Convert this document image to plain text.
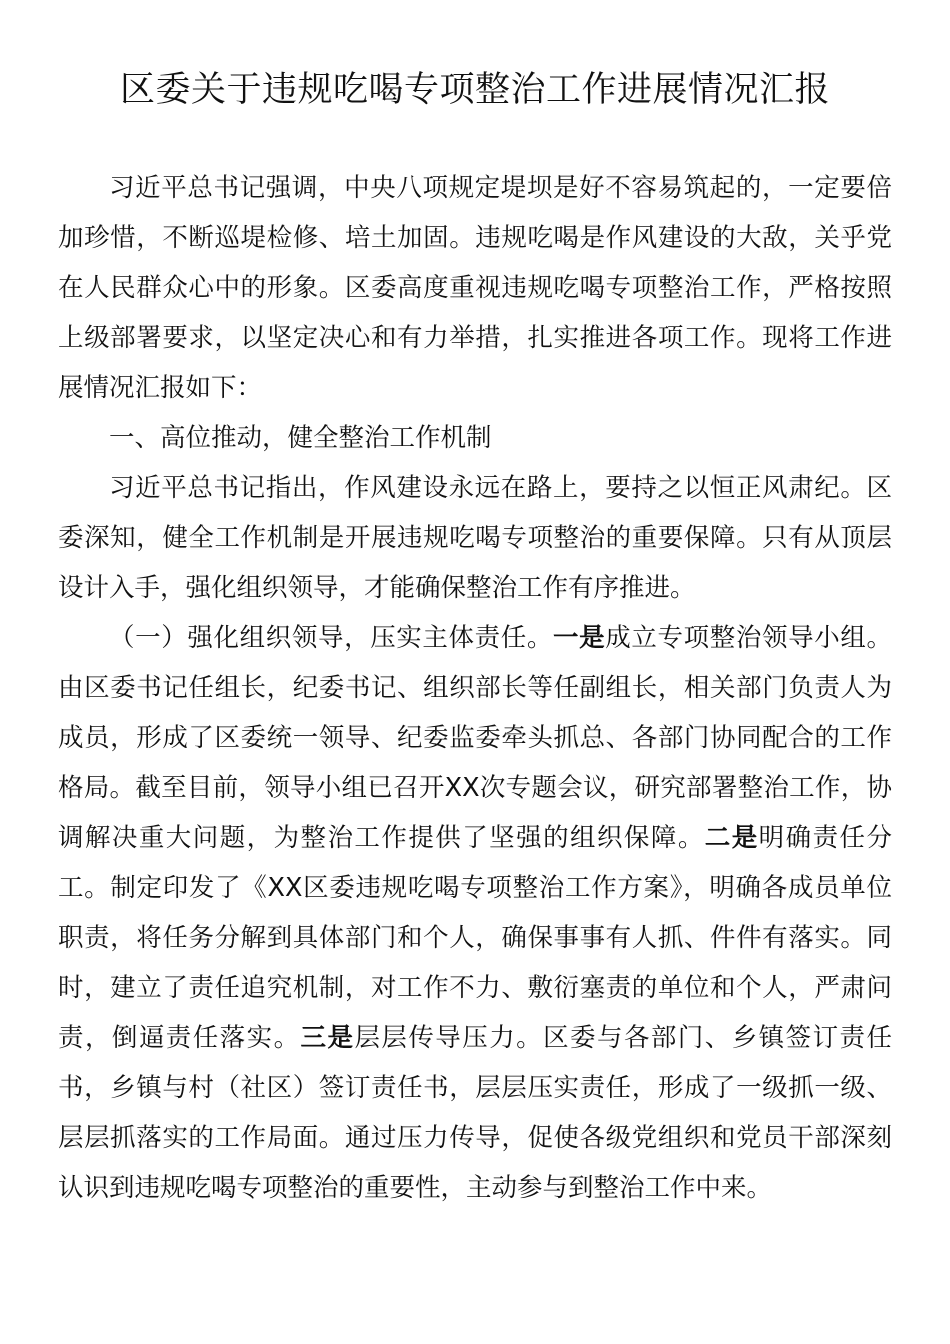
区委关于违规吃喝专项整治工作进展情况汇报

习近平总书记强调，中央八项规定堤坝是好不容易筑起的，一定要倍加珍惜，不断巡堤检修、培土加固。违规吃喝是作风建设的大敌，关乎党在人民群众心中的形象。区委高度重视违规吃喝专项整治工作，严格按照上级部署要求，以坚定决心和有力举措，扎实推进各项工作。现将工作进展情况汇报如下：

一、高位推动，健全整治工作机制

习近平总书记指出，作风建设永远在路上，要持之以恒正风肃纪。区委深知，健全工作机制是开展违规吃喝专项整治的重要保障。只有从顶层设计入手，强化组织领导，才能确保整治工作有序推进。

（一）强化组织领导，压实主体责任。一是成立专项整治领导小组。由区委书记任组长，纪委书记、组织部长等任副组长，相关部门负责人为成员，形成了区委统一领导、纪委监委牵头抓总、各部门协同配合的工作格局。截至目前，领导小组已召开XX次专题会议，研究部署整治工作，协调解决重大问题，为整治工作提供了坚强的组织保障。二是明确责任分工。制定印发了《XX区委违规吃喝专项整治工作方案》，明确各成员单位职责，将任务分解到具体部门和个人，确保事事有人抓、件件有落实。同时，建立了责任追究机制，对工作不力、敷衍塞责的单位和个人，严肃问责，倒逼责任落实。三是层层传导压力。区委与各部门、乡镇签订责任书，乡镇与村（社区）签订责任书，层层压实责任，形成了一级抓一级、层层抓落实的工作局面。通过压力传导，促使各级党组织和党员干部深刻认识到违规吃喝专项整治的重要性，主动参与到整治工作中来。
